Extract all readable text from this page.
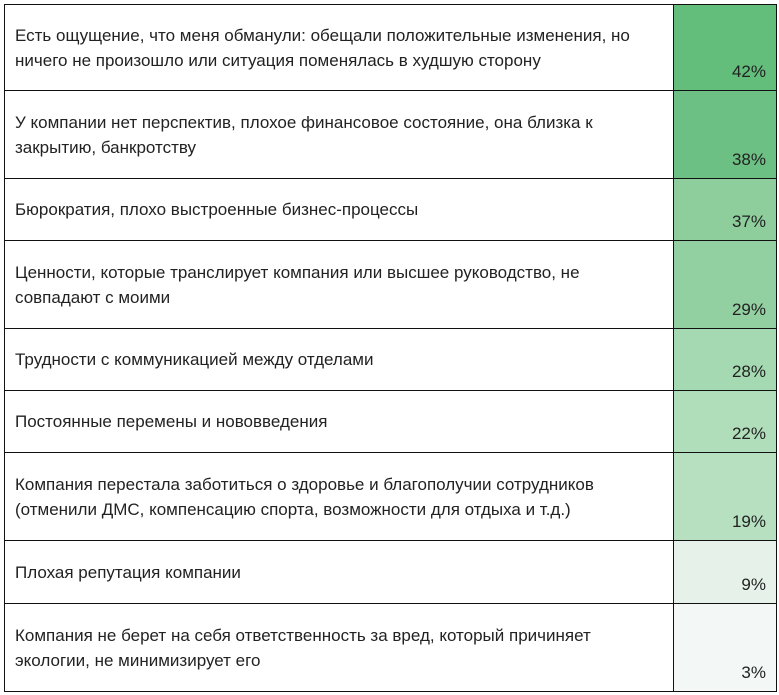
Есть ощущение, что меня обманули: обещали положительные изменения, но ничего не произошло или ситуация поменялась в худшую сторону	42%
У компании нет перспектив, плохое финансовое состояние, она близка к закрытию, банкротству	38%
Бюрократия, плохо выстроенные бизнес-процессы	37%
Ценности, которые транслирует компания или высшее руководство, не совпадают с моими	29%
Трудности с коммуникацией между отделами	28%
Постоянные перемены и нововведения	22%
Компания перестала заботиться о здоровье и благополучии сотрудников (отменили ДМС, компенсацию спорта, возможности для отдыха и т.д.)	19%
Плохая репутация компании	9%
Компания не берет на себя ответственность за вред, который причиняет экологии, не минимизирует его	3%
